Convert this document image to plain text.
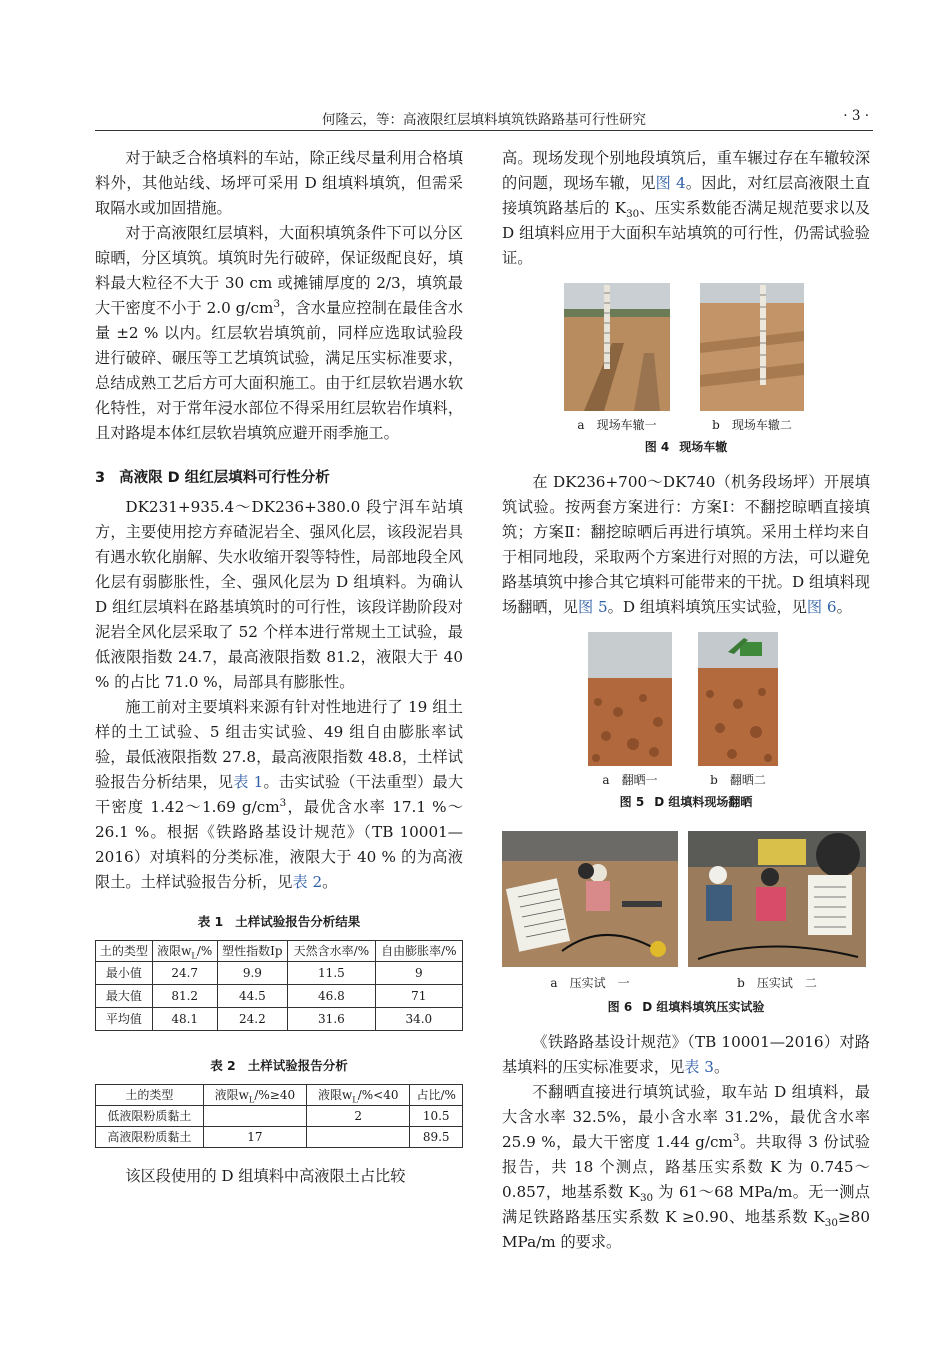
何隆云，等：高液限红层填料填筑铁路路基可行性研究	· 3 ·

对于缺乏合格填料的车站，除正线尽量利用合格填料外，其他站线、场坪可采用 D 组填料填筑，但需采取隔水或加固措施。

对于高液限红层填料，大面积填筑条件下可以分区晾晒，分区填筑。填筑时先行破碎，保证级配良好，填料最大粒径不大于 30 cm 或摊铺厚度的 2/3，填筑最大干密度不小于 2.0 $g/cm^3$，含水量应控制在最佳含水量 ±2 % 以内。红层软岩填筑前，同样应选取试验段进行破碎、碾压等工艺填筑试验，满足压实标准要求，总结成熟工艺后方可大面积施工。由于红层软岩遇水软化特性，对于常年浸水部位不得采用红层软岩作填料，且对路堤本体红层软岩填筑应避开雨季施工。

3 高液限 D 组红层填料可行性分析

DK231+935.4～DK236+380.0 段宁洱车站填方，主要使用挖方弃碴泥岩全、强风化层，该段泥岩具有遇水软化崩解、失水收缩开裂等特性，局部地段全风化层有弱膨胀性，全、强风化层为 D 组填料。为确认 D 组红层填料在路基填筑时的可行性，该段详勘阶段对泥岩全风化层采取了 52 个样本进行常规土工试验，最低液限指数 24.7，最高液限指数 81.2，液限大于 40 % 的占比 71.0 %，局部具有膨胀性。

施工前对主要填料来源有针对性地进行了 19 组土样的土工试验、5 组击实试验、49 组自由膨胀率试验，最低液限指数 27.8，最高液限指数 48.8，土样试验报告分析结果，见表 1。击实试验（干法重型）最大干密度 1.42～1.69 $g/cm^3$，最优含水率 17.1 %～26.1 %。根据《铁路路基设计规范》（TB 10001—2016）对填料的分类标准，液限大于 40 % 的为高液限土。土样试验报告分析，见表 2。

表 1 土样试验报告分析结果
土的类型	液限$w_L/\%$	塑性指数Ip	天然含水率/%	自由膨胀率/%
最小值	24.7	9.9	11.5	9
最大值	81.2	44.5	46.8	71
平均值	48.1	24.2	31.6	34.0
表 2 土样试验报告分析
土的类型	液限$w_L/\%\ge 40$	液限$w_L/\%<40$	占比/%
低液限粉质黏土		2	10.5
高液限粉质黏土	17		89.5

该区段使用的 D 组填料中高液限土占比较

高。现场发现个别地段填筑后，重车辗过存在车辙较深的问题，现场车辙，见图 4。因此，对红层高液限土直接填筑路基后的 $K_{30}$、压实系数能否满足规范要求以及 D 组填料应用于大面积车站填筑的可行性，仍需试验验证。

a　现场车辙一	b　现场车辙二
图 4 现场车辙

在 DK236+700～DK740（机务段场坪）开展填筑试验。按两套方案进行：方案Ⅰ：不翻挖晾晒直接填筑；方案Ⅱ：翻挖晾晒后再进行填筑。采用土样均来自于相同地段，采取两个方案进行对照的方法，可以避免路基填筑中掺合其它填料可能带来的干扰。D 组填料现场翻晒，见图 5。D 组填料填筑压实试验，见图 6。

a　翻晒一	b　翻晒二
图 5 D 组填料现场翻晒
a　压实试　一	b　压实试　二
图 6 D 组填料填筑压实试验

《铁路路基设计规范》（TB 10001—2016）对路基填料的压实标准要求，见表 3。

不翻晒直接进行填筑试验，取车站 D 组填料，最大含水率 32.5%，最小含水率 31.2%，最优含水率 25.9 %，最大干密度 1.44 $g/cm^3$。共取得 3 份试验报告，共 18 个测点，路基压实系数 K 为 0.745～0.857，地基系数 $K_{30}$ 为 61～68 MPa/m。无一测点满足铁路路基压实系数 K ≥0.90、地基系数 $K_{30}\ge 80$ MPa/m 的要求。
